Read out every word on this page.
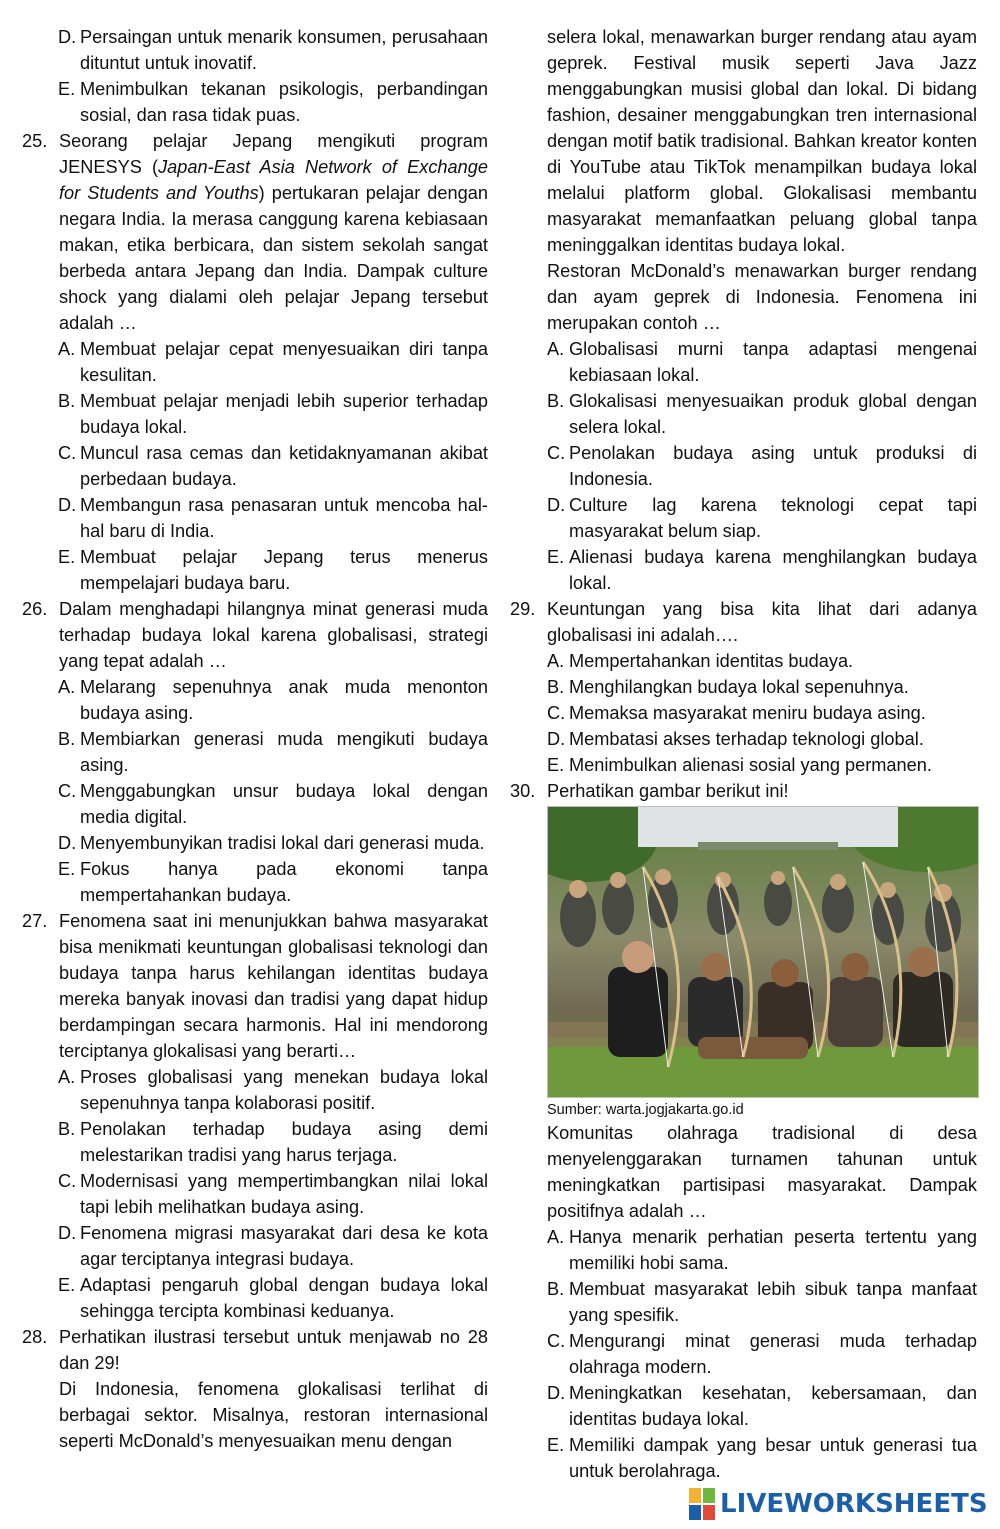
D. Persaingan untuk menarik konsumen, perusahaan dituntut untuk inovatif.
E. Menimbulkan tekanan psikologis, perbandingan sosial, dan rasa tidak puas.
25. Seorang pelajar Jepang mengikuti program JENESYS (Japan-East Asia Network of Exchange for Students and Youths) pertukaran pelajar dengan negara India. Ia merasa canggung karena kebiasaan makan, etika berbicara, dan sistem sekolah sangat berbeda antara Jepang dan India. Dampak culture shock yang dialami oleh pelajar Jepang tersebut adalah …
A. Membuat pelajar cepat menyesuaikan diri tanpa kesulitan.
B. Membuat pelajar menjadi lebih superior terhadap budaya lokal.
C. Muncul rasa cemas dan ketidaknyamanan akibat perbedaan budaya.
D. Membangun rasa penasaran untuk mencoba hal-hal baru di India.
E. Membuat pelajar Jepang terus menerus mempelajari budaya baru.
26. Dalam menghadapi hilangnya minat generasi muda terhadap budaya lokal karena globalisasi, strategi yang tepat adalah …
A. Melarang sepenuhnya anak muda menonton budaya asing.
B. Membiarkan generasi muda mengikuti budaya asing.
C. Menggabungkan unsur budaya lokal dengan media digital.
D. Menyembunyikan tradisi lokal dari generasi muda.
E. Fokus hanya pada ekonomi tanpa mempertahankan budaya.
27. Fenomena saat ini menunjukkan bahwa masyarakat bisa menikmati keuntungan globalisasi teknologi dan budaya tanpa harus kehilangan identitas budaya mereka banyak inovasi dan tradisi yang dapat hidup berdampingan secara harmonis. Hal ini mendorong terciptanya glokalisasi yang berarti…
A. Proses globalisasi yang menekan budaya lokal sepenuhnya tanpa kolaborasi positif.
B. Penolakan terhadap budaya asing demi melestarikan tradisi yang harus terjaga.
C. Modernisasi yang mempertimbangkan nilai lokal tapi lebih melihatkan budaya asing.
D. Fenomena migrasi masyarakat dari desa ke kota agar terciptanya integrasi budaya.
E. Adaptasi pengaruh global dengan budaya lokal sehingga tercipta kombinasi keduanya.
28. Perhatikan ilustrasi tersebut untuk menjawab no 28 dan 29!
Di Indonesia, fenomena glokalisasi terlihat di berbagai sektor. Misalnya, restoran internasional seperti McDonald’s menyesuaikan menu dengan
selera lokal, menawarkan burger rendang atau ayam geprek. Festival musik seperti Java Jazz menggabungkan musisi global dan lokal. Di bidang fashion, desainer menggabungkan tren internasional dengan motif batik tradisional. Bahkan kreator konten di YouTube atau TikTok menampilkan budaya lokal melalui platform global. Glokalisasi membantu masyarakat memanfaatkan peluang global tanpa meninggalkan identitas budaya lokal.
Restoran McDonald’s menawarkan burger rendang dan ayam geprek di Indonesia. Fenomena ini merupakan contoh …
A. Globalisasi murni tanpa adaptasi mengenai kebiasaan lokal.
B. Glokalisasi menyesuaikan produk global dengan selera lokal.
C. Penolakan budaya asing untuk produksi di Indonesia.
D. Culture lag karena teknologi cepat tapi masyarakat belum siap.
E. Alienasi budaya karena menghilangkan budaya lokal.
29. Keuntungan yang bisa kita lihat dari adanya globalisasi ini adalah….
A. Mempertahankan identitas budaya.
B. Menghilangkan budaya lokal sepenuhnya.
C. Memaksa masyarakat meniru budaya asing.
D. Membatasi akses terhadap teknologi global.
E. Menimbulkan alienasi sosial yang permanen.
30. Perhatikan gambar berikut ini!
Sumber: warta.jogjakarta.go.id
Komunitas olahraga tradisional di desa menyelenggarakan turnamen tahunan untuk meningkatkan partisipasi masyarakat. Dampak positifnya adalah …
A. Hanya menarik perhatian peserta tertentu yang memiliki hobi sama.
B. Membuat masyarakat lebih sibuk tanpa manfaat yang spesifik.
C. Mengurangi minat generasi muda terhadap olahraga modern.
D. Meningkatkan kesehatan, kebersamaan, dan identitas budaya lokal.
E. Memiliki dampak yang besar untuk generasi tua untuk berolahraga.
LIVEWORKSHEETS
